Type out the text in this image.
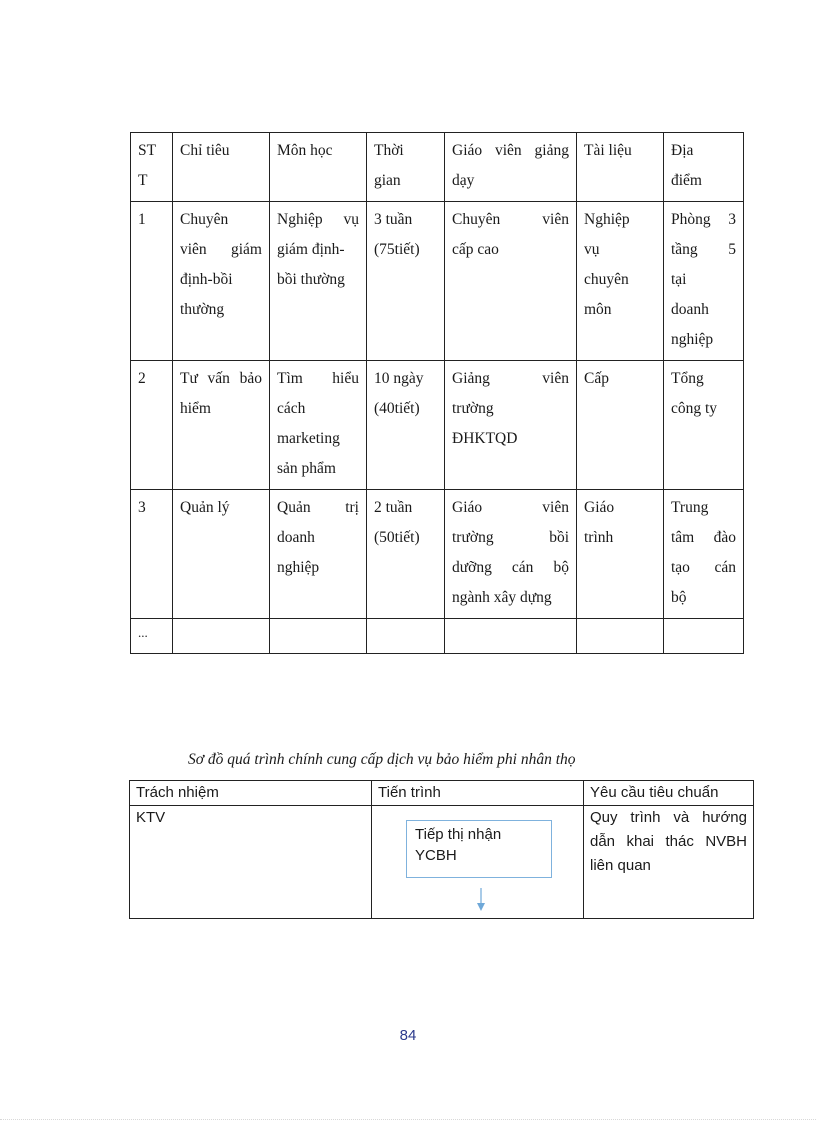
ST
T	Chỉ tiêu	Môn học	Thời
gian	Giáo viên giảng
dạy	Tài liệu	Địa
điểm

1	Chuyên
viên giám
định-bồi
thường	Nghiệp vụ
giám định-
bồi thường	3 tuần
(75tiết)	Chuyên viên
cấp cao	Nghiệp
vụ
chuyên
môn	Phòng 3
tầng 5
tại
doanh
nghiệp

2	Tư vấn bảo
hiểm	Tìm hiểu
cách
marketing
sản phẩm	10 ngày
(40tiết)	Giảng viên
trường
ĐHKTQD	Cấp	Tổng
công ty

3	Quản lý	Quản trị
doanh
nghiệp	2 tuần
(50tiết)	Giáo viên
trường bồi
dưỡng cán bộ
ngành xây dựng	Giáo
trình	Trung
tâm đào
tạo cán
bộ

...						
Sơ đồ quá trình chính cung cấp dịch vụ bảo hiểm phi nhân thọ
Trách nhiệm	Tiến trình	Yêu cầu tiêu chuẩn
KTV	Tiếp thị nhận
YCBH	Quy trình và hướng
dẫn khai thác NVBH
liên quan
84
